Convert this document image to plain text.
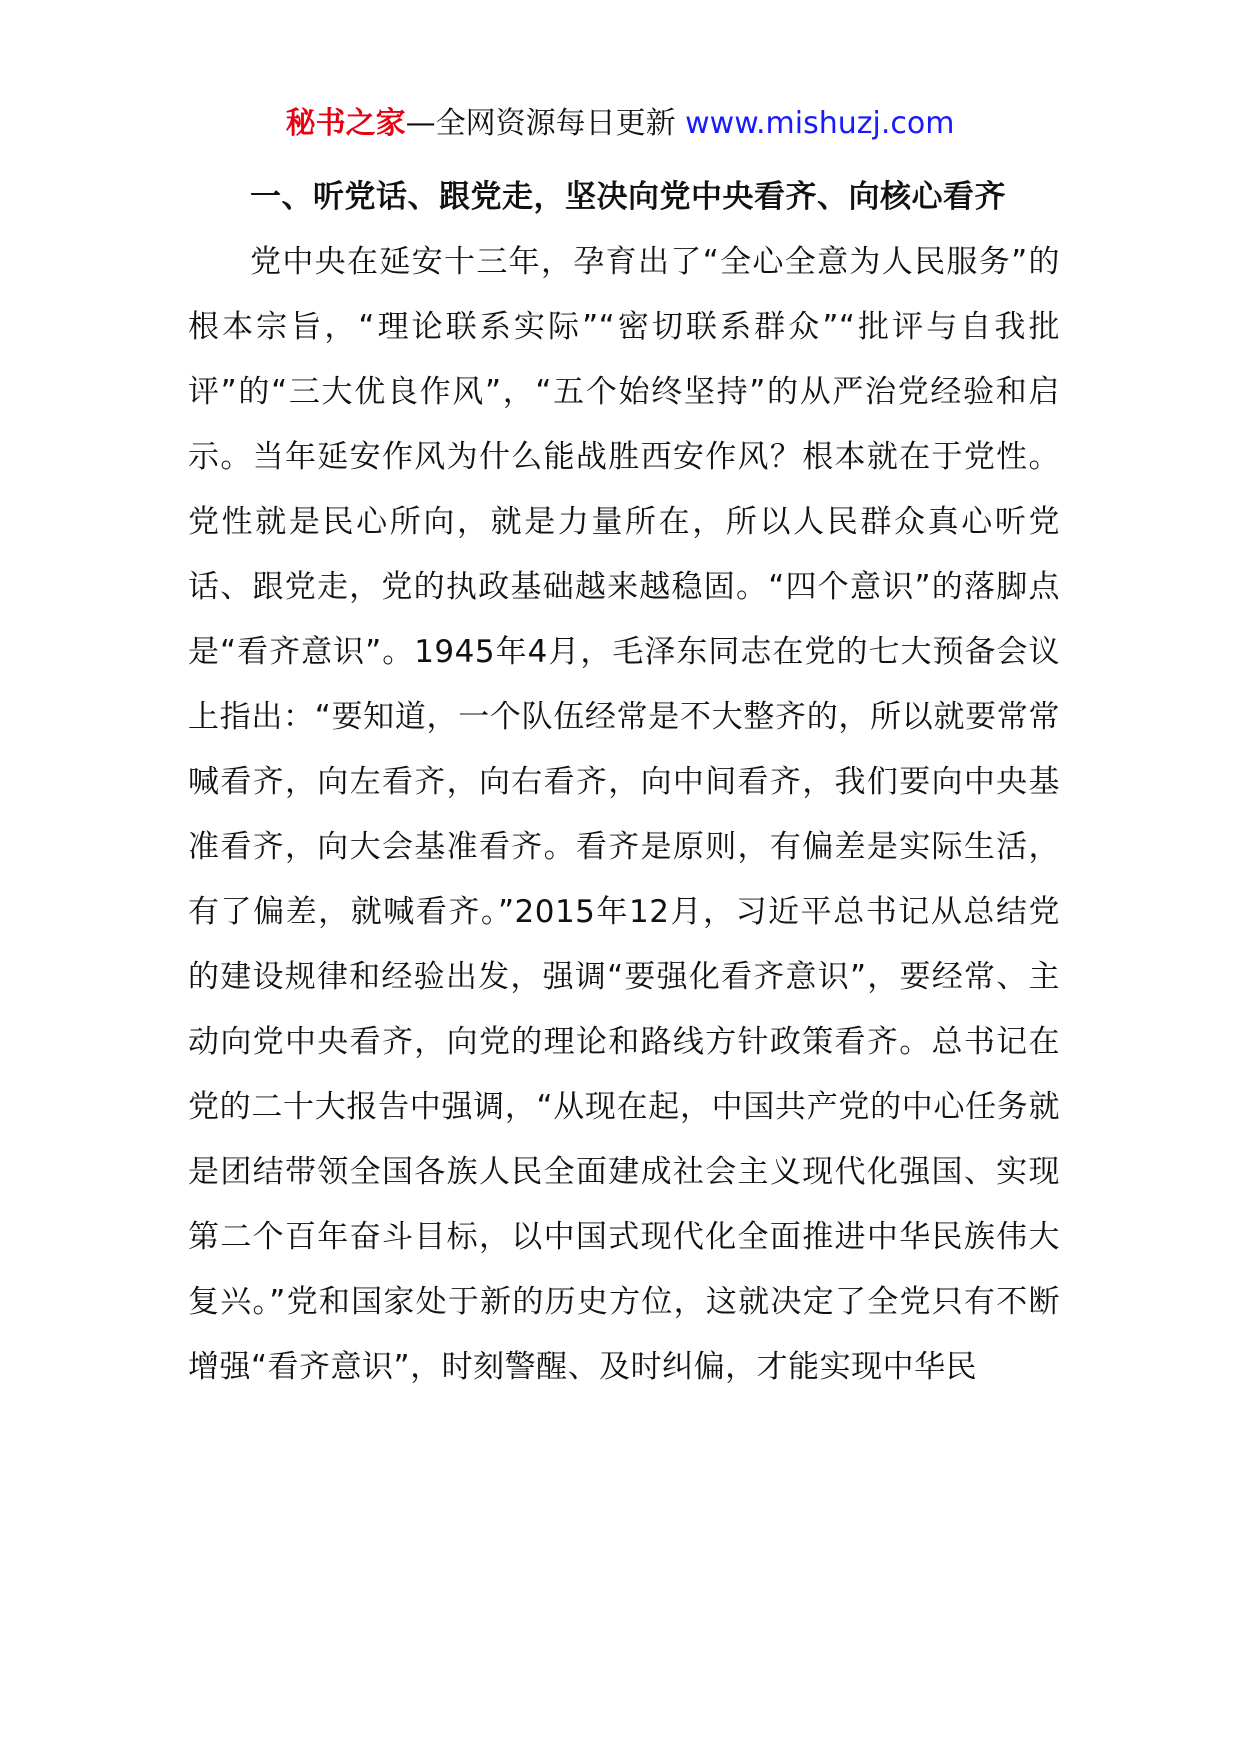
秘书之家—全网资源每日更新 www.mishuzj.com

一、听党话、跟党走，坚决向党中央看齐、向核心看齐

党中央在延安十三年，孕育出了“全心全意为人民服务”的根本宗旨，“理论联系实际”“密切联系群众”“批评与自我批评”的“三大优良作风”，“五个始终坚持”的从严治党经验和启示。当年延安作风为什么能战胜西安作风？根本就在于党性。党性就是民心所向，就是力量所在，所以人民群众真心听党话、跟党走，党的执政基础越来越稳固。“四个意识”的落脚点是“看齐意识”。1945年4月，毛泽东同志在党的七大预备会议上指出：“要知道，一个队伍经常是不大整齐的，所以就要常常喊看齐，向左看齐，向右看齐，向中间看齐，我们要向中央基准看齐，向大会基准看齐。看齐是原则，有偏差是实际生活，有了偏差，就喊看齐。”2015年12月，习近平总书记从总结党的建设规律和经验出发，强调“要强化看齐意识”，要经常、主动向党中央看齐，向党的理论和路线方针政策看齐。总书记在党的二十大报告中强调，“从现在起，中国共产党的中心任务就是团结带领全国各族人民全面建成社会主义现代化强国、实现第二个百年奋斗目标，以中国式现代化全面推进中华民族伟大复兴。”党和国家处于新的历史方位，这就决定了全党只有不断增强“看齐意识”，时刻警醒、及时纠偏，才能实现中华民
